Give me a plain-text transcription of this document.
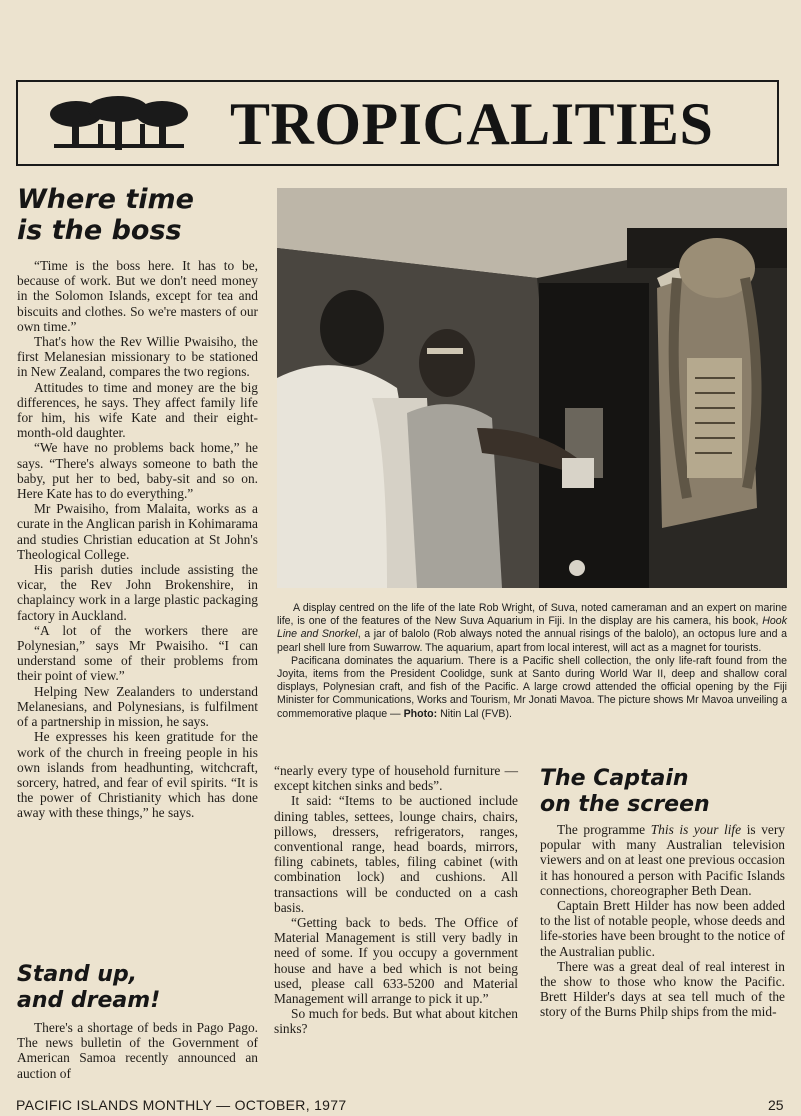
TROPICALITIES
Where time
is the boss

“Time is the boss here. It has to be, because of work. But we don't need money in the Solomon Islands, except for tea and biscuits and clothes. So we're masters of our own time.”

That's how the Rev Willie Pwaisiho, the first Melanesian missionary to be stationed in New Zealand, compares the two regions.

Attitudes to time and money are the big differences, he says. They affect family life for him, his wife Kate and their eight-month-old daughter.

“We have no problems back home,” he says. “There's always someone to bath the baby, put her to bed, baby-sit and so on. Here Kate has to do everything.”

Mr Pwaisiho, from Malaita, works as a curate in the Anglican parish in Kohimarama and studies Christian education at St John's Theological College.

His parish duties include assisting the vicar, the Rev John Brokenshire, in chaplaincy work in a large plastic packaging factory in Auckland.

“A lot of the workers there are Polynesian,” says Mr Pwaisiho. “I can understand some of their problems from their point of view.”

Helping New Zealanders to understand Melanesians, and Polynesians, is fulfilment of a partnership in mission, he says.

He expresses his keen gratitude for the work of the church in freeing people in his own islands from headhunting, witchcraft, sorcery, hatred, and fear of evil spirits. “It is the power of Christianity which has done away with these things,” he says.

Stand up,
and dream!

There's a shortage of beds in Pago Pago. The news bulletin of the Government of American Samoa recently announced an auction of

“nearly every type of household furniture — except kitchen sinks and beds”.

It said: “Items to be auctioned include dining tables, settees, lounge chairs, chairs, pillows, dressers, refrigerators, ranges, conventional range, head boards, mirrors, filing cabinets, tables, filing cabinet (with combination lock) and cushions. All transactions will be conducted on a cash basis.

“Getting back to beds. The Office of Material Management is still very badly in need of some. If you occupy a government house and have a bed which is not being used, please call 633-5200 and Material Management will arrange to pick it up.”

So much for beds. But what about kitchen sinks?

A display centred on the life of the late Rob Wright, of Suva, noted cameraman and an expert on marine life, is one of the features of the New Suva Aquarium in Fiji. In the display are his camera, his book, Hook Line and Snorkel, a jar of balolo (Rob always noted the annual risings of the balolo), an octopus lure and a pearl shell lure from Suwarrow. The aquarium, apart from local interest, will act as a magnet for tourists.

Pacificana dominates the aquarium. There is a Pacific shell collection, the only life-raft found from the Joyita, items from the President Coolidge, sunk at Santo during World War II, deep and shallow coral displays, Polynesian craft, and fish of the Pacific. A large crowd attended the official opening by the Fiji Minister for Communications, Works and Tourism, Mr Jonati Mavoa. The picture shows Mr Mavoa unveiling a commemorative plaque — Photo: Nitin Lal (FVB).

The Captain
on the screen

The programme This is your life is very popular with many Australian television viewers and on at least one previous occasion it has honoured a person with Pacific Islands connections, choreographer Beth Dean.

Captain Brett Hilder has now been added to the list of notable people, whose deeds and life-stories have been brought to the notice of the Australian public.

There was a great deal of real interest in the show to those who know the Pacific. Brett Hilder's days at sea tell much of the story of the Burns Philp ships from the mid-

PACIFIC ISLANDS MONTHLY — OCTOBER, 1977	25
